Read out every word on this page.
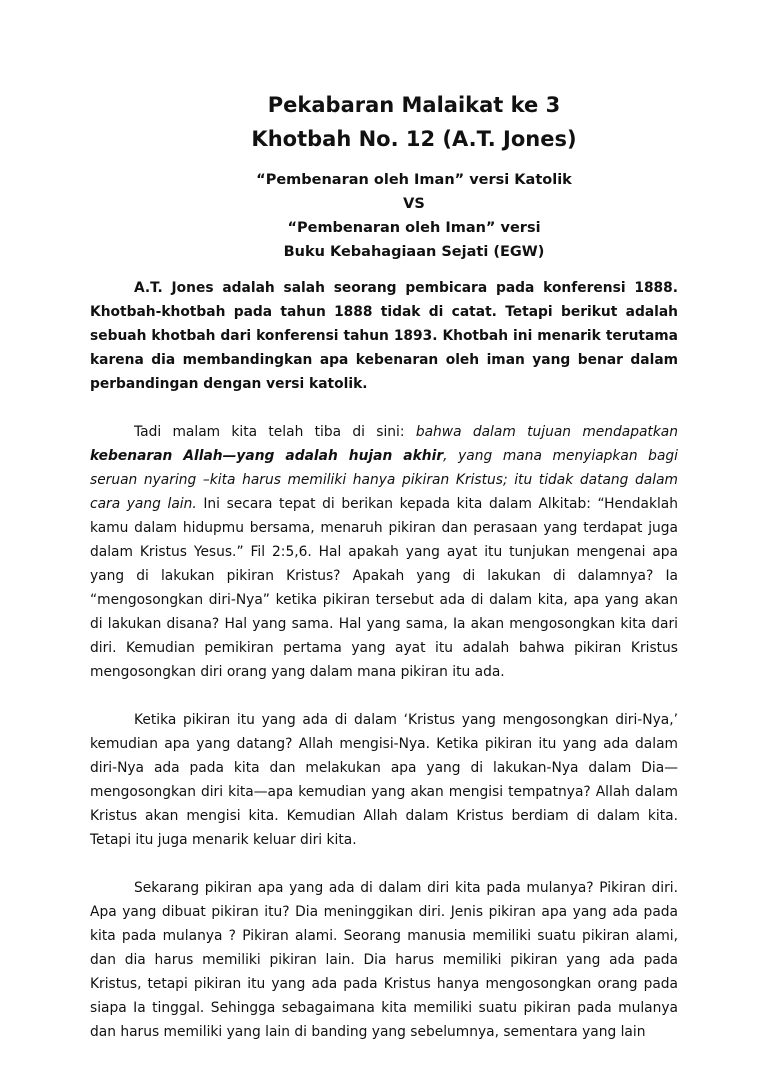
Pekabaran Malaikat ke 3
Khotbah No. 12 (A.T. Jones)
“Pembenaran oleh Iman” versi Katolik
VS
“Pembenaran oleh Iman” versi
Buku Kebahagiaan Sejati (EGW)

A.T. Jones adalah salah seorang pembicara pada konferensi 1888. Khotbah-khotbah pada tahun 1888 tidak di catat. Tetapi berikut adalah sebuah khotbah dari konferensi tahun 1893. Khotbah ini menarik terutama karena dia membandingkan apa kebenaran oleh iman yang benar dalam perbandingan dengan versi katolik.

Tadi malam kita telah tiba di sini: bahwa dalam tujuan mendapatkan kebenaran Allah—yang adalah hujan akhir, yang mana menyiapkan bagi seruan nyaring –kita harus memiliki hanya pikiran Kristus; itu tidak datang dalam cara yang lain. Ini secara tepat di berikan kepada kita dalam Alkitab: “Hendaklah kamu dalam hidupmu bersama, menaruh pikiran dan perasaan yang terdapat juga dalam Kristus Yesus.” Fil 2:5,6. Hal apakah yang ayat itu tunjukan mengenai apa yang di lakukan pikiran Kristus? Apakah yang di lakukan di dalamnya? Ia “mengosongkan diri-Nya” ketika pikiran tersebut ada di dalam kita, apa yang akan di lakukan disana? Hal yang sama. Hal yang sama, Ia akan mengosongkan kita dari diri. Kemudian pemikiran pertama yang ayat itu adalah bahwa pikiran Kristus mengosongkan diri orang yang dalam mana pikiran itu ada.

Ketika pikiran itu yang ada di dalam ‘Kristus yang mengosongkan diri-Nya,’ kemudian apa yang datang? Allah mengisi-Nya. Ketika pikiran itu yang ada dalam diri-Nya ada pada kita dan melakukan apa yang di lakukan-Nya dalam Dia—mengosongkan diri kita—apa kemudian yang akan mengisi tempatnya? Allah dalam Kristus akan mengisi kita. Kemudian Allah dalam Kristus berdiam di dalam kita. Tetapi itu juga menarik keluar diri kita.

Sekarang pikiran apa yang ada di dalam diri kita pada mulanya? Pikiran diri. Apa yang dibuat pikiran itu? Dia meninggikan diri. Jenis pikiran apa yang ada pada kita pada mulanya ? Pikiran alami. Seorang manusia memiliki suatu pikiran alami, dan dia harus memiliki pikiran lain. Dia harus memiliki pikiran yang ada pada Kristus, tetapi pikiran itu yang ada pada Kristus hanya mengosongkan orang pada siapa Ia tinggal. Sehingga sebagaimana kita memiliki suatu pikiran pada mulanya dan harus memiliki yang lain di banding yang sebelumnya, sementara yang lain
